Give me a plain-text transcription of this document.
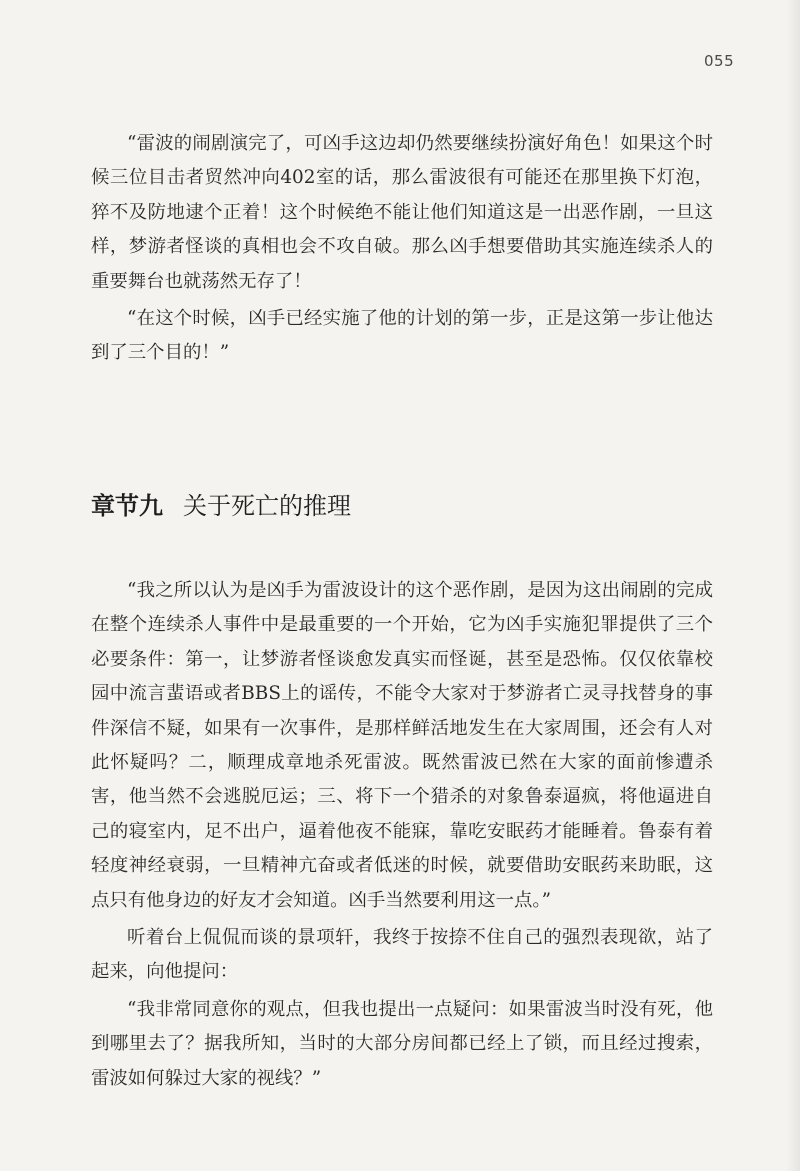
055

“雷波的闹剧演完了，可凶手这边却仍然要继续扮演好角色！如果这个时候三位目击者贸然冲向402室的话，那么雷波很有可能还在那里换下灯泡，猝不及防地逮个正着！这个时候绝不能让他们知道这是一出恶作剧，一旦这样，梦游者怪谈的真相也会不攻自破。那么凶手想要借助其实施连续杀人的重要舞台也就荡然无存了！

“在这个时候，凶手已经实施了他的计划的第一步，正是这第一步让他达到了三个目的！”

章节九 关于死亡的推理

“我之所以认为是凶手为雷波设计的这个恶作剧，是因为这出闹剧的完成在整个连续杀人事件中是最重要的一个开始，它为凶手实施犯罪提供了三个必要条件：第一，让梦游者怪谈愈发真实而怪诞，甚至是恐怖。仅仅依靠校园中流言蜚语或者BBS上的谣传，不能令大家对于梦游者亡灵寻找替身的事件深信不疑，如果有一次事件，是那样鲜活地发生在大家周围，还会有人对此怀疑吗？二，顺理成章地杀死雷波。既然雷波已然在大家的面前惨遭杀害，他当然不会逃脱厄运；三、将下一个猎杀的对象鲁泰逼疯，将他逼进自己的寝室内，足不出户，逼着他夜不能寐，靠吃安眠药才能睡着。鲁泰有着轻度神经衰弱，一旦精神亢奋或者低迷的时候，就要借助安眠药来助眠，这点只有他身边的好友才会知道。凶手当然要利用这一点。”

听着台上侃侃而谈的景项轩，我终于按捺不住自己的强烈表现欲，站了起来，向他提问：

“我非常同意你的观点，但我也提出一点疑问：如果雷波当时没有死，他到哪里去了？据我所知，当时的大部分房间都已经上了锁，而且经过搜索，雷波如何躲过大家的视线？”
